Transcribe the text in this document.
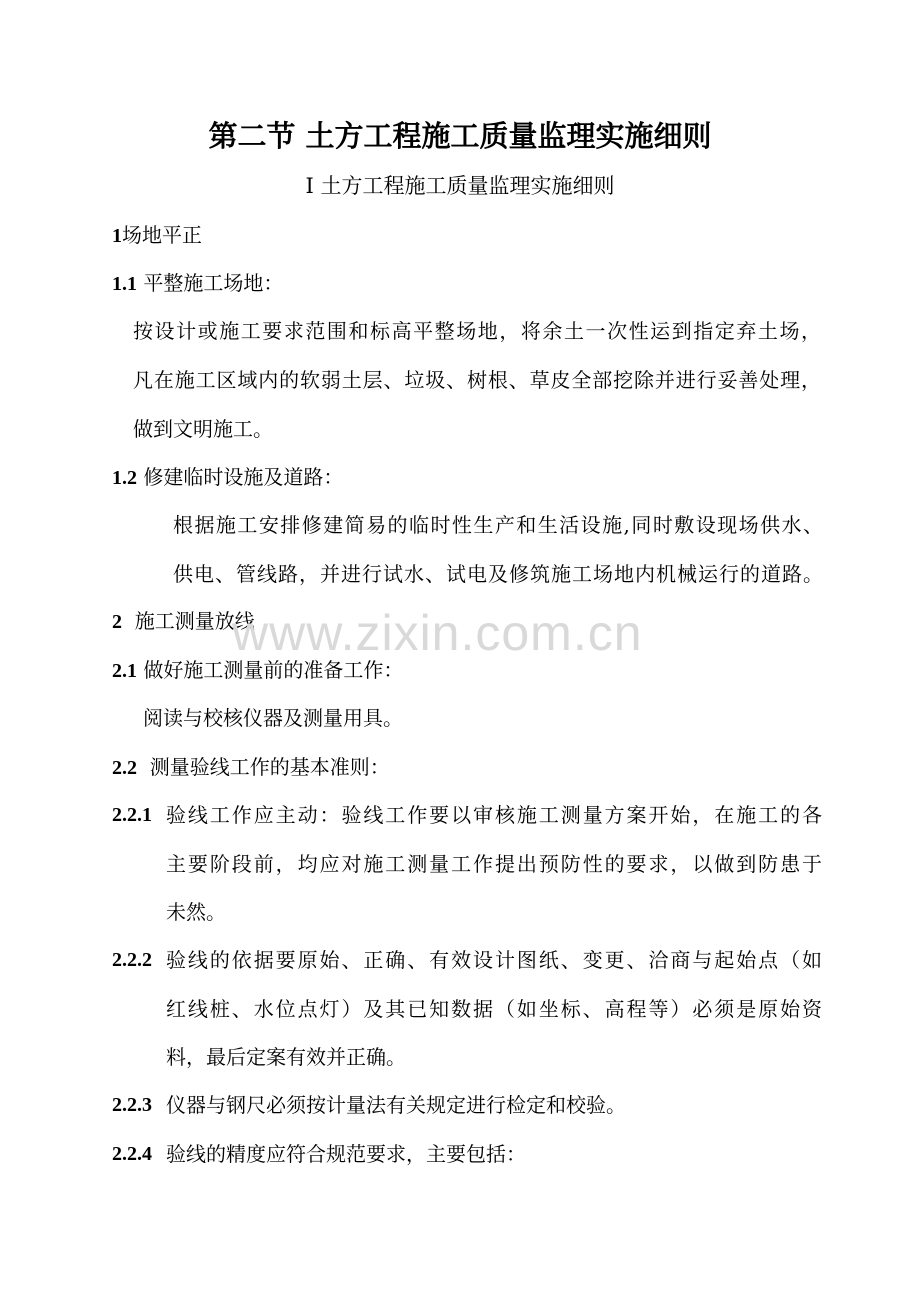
第二节 土方工程施工质量监理实施细则
Ⅰ 土方工程施工质量监理实施细则
1场地平正
1.1 平整施工场地：
按设计或施工要求范围和标高平整场地，将余土一次性运到指定弃土场，
凡在施工区域内的软弱土层、垃圾、树根、草皮全部挖除并进行妥善处理，
做到文明施工。
1.2 修建临时设施及道路：
根据施工安排修建简易的临时性生产和生活设施,同时敷设现场供水、
供电、管线路，并进行试水、试电及修筑施工场地内机械运行的道路。
2 施工测量放线
2.1 做好施工测量前的准备工作：
阅读与校核仪器及测量用具。
2.2 测量验线工作的基本准则：
2.2.1 验线工作应主动：验线工作要以审核施工测量方案开始，在施工的各
主要阶段前，均应对施工测量工作提出预防性的要求，以做到防患于
未然。
2.2.2 验线的依据要原始、正确、有效设计图纸、变更、洽商与起始点（如
红线桩、水位点灯）及其已知数据（如坐标、高程等）必须是原始资
料，最后定案有效并正确。
2.2.3 仪器与钢尺必须按计量法有关规定进行检定和校验。
2.2.4 验线的精度应符合规范要求，主要包括：
www.zixin.com.cn
